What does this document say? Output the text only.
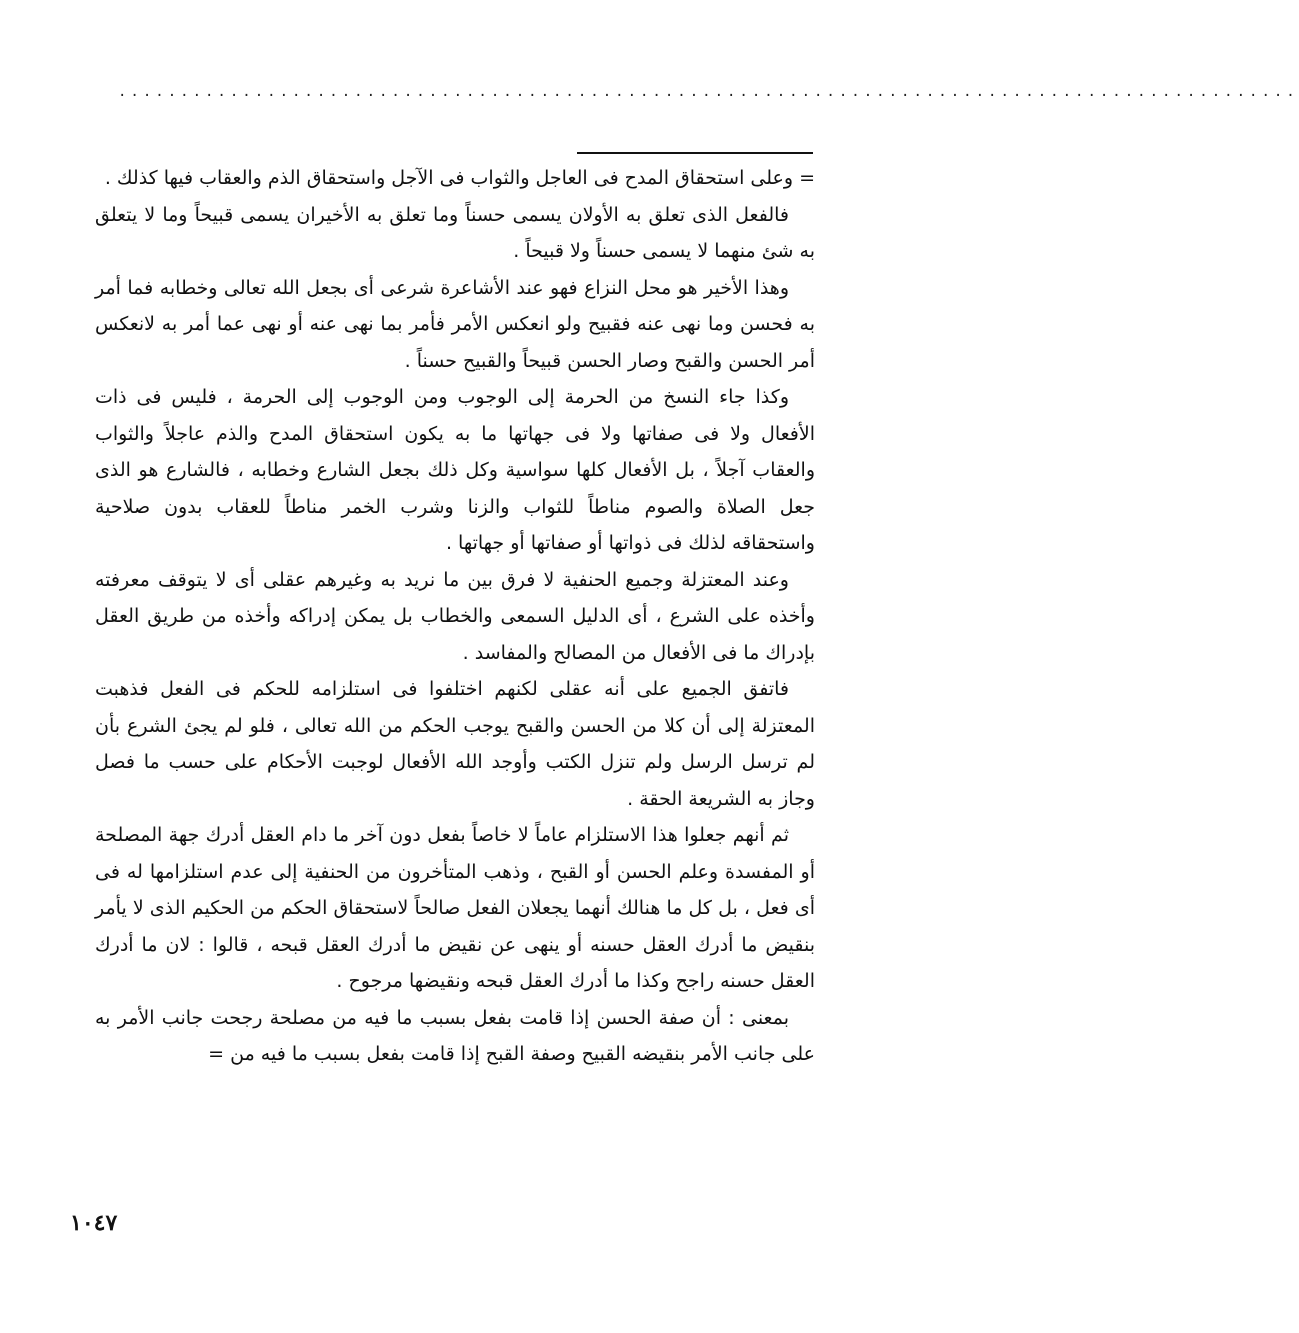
...............................................................................................

= وعلى استحقاق المدح فى العاجل والثواب فى الآجل واستحقاق الذم والعقاب فيها كذلك .

فالفعل الذى تعلق به الأولان يسمى حسناً وما تعلق به الأخيران يسمى قبيحاً وما لا يتعلق به شئ منهما لا يسمى حسناً ولا قبيحاً .

وهذا الأخير هو محل النزاع فهو عند الأشاعرة شرعى أى بجعل الله تعالى وخطابه فما أمر به فحسن وما نهى عنه فقبيح ولو انعكس الأمر فأمر بما نهى عنه أو نهى عما أمر به لانعكس أمر الحسن والقبح وصار الحسن قبيحاً والقبيح حسناً .

وكذا جاء النسخ من الحرمة إلى الوجوب ومن الوجوب إلى الحرمة ، فليس فى ذات الأفعال ولا فى صفاتها ولا فى جهاتها ما به يكون استحقاق المدح والذم عاجلاً والثواب والعقاب آجلاً ، بل الأفعال كلها سواسية وكل ذلك بجعل الشارع وخطابه ، فالشارع هو الذى جعل الصلاة والصوم مناطاً للثواب والزنا وشرب الخمر مناطاً للعقاب بدون صلاحية واستحقاقه لذلك فى ذواتها أو صفاتها أو جهاتها .

وعند المعتزلة وجميع الحنفية لا فرق بين ما نريد به وغيرهم عقلى أى لا يتوقف معرفته وأخذه على الشرع ، أى الدليل السمعى والخطاب بل يمكن إدراكه وأخذه من طريق العقل بإدراك ما فى الأفعال من المصالح والمفاسد .

فاتفق الجميع على أنه عقلى لكنهم اختلفوا فى استلزامه للحكم فى الفعل فذهبت المعتزلة إلى أن كلا من الحسن والقبح يوجب الحكم من الله تعالى ، فلو لم يجئ الشرع بأن لم ترسل الرسل ولم تنزل الكتب وأوجد الله الأفعال لوجبت الأحكام على حسب ما فصل وجاز به الشريعة الحقة .

ثم أنهم جعلوا هذا الاستلزام عاماً لا خاصاً بفعل دون آخر ما دام العقل أدرك جهة المصلحة أو المفسدة وعلم الحسن أو القبح ، وذهب المتأخرون من الحنفية إلى عدم استلزامها له فى أى فعل ، بل كل ما هنالك أنهما يجعلان الفعل صالحاً لاستحقاق الحكم من الحكيم الذى لا يأمر بنقيض ما أدرك العقل حسنه أو ينهى عن نقيض ما أدرك العقل قبحه ، قالوا : لان ما أدرك العقل حسنه راجح وكذا ما أدرك العقل قبحه ونقيضها مرجوح .

بمعنى : أن صفة الحسن إذا قامت بفعل بسبب ما فيه من مصلحة رجحت جانب الأمر به على جانب الأمر بنقيضه القبيح وصفة القبح إذا قامت بفعل بسبب ما فيه من =

١٠٤٧
